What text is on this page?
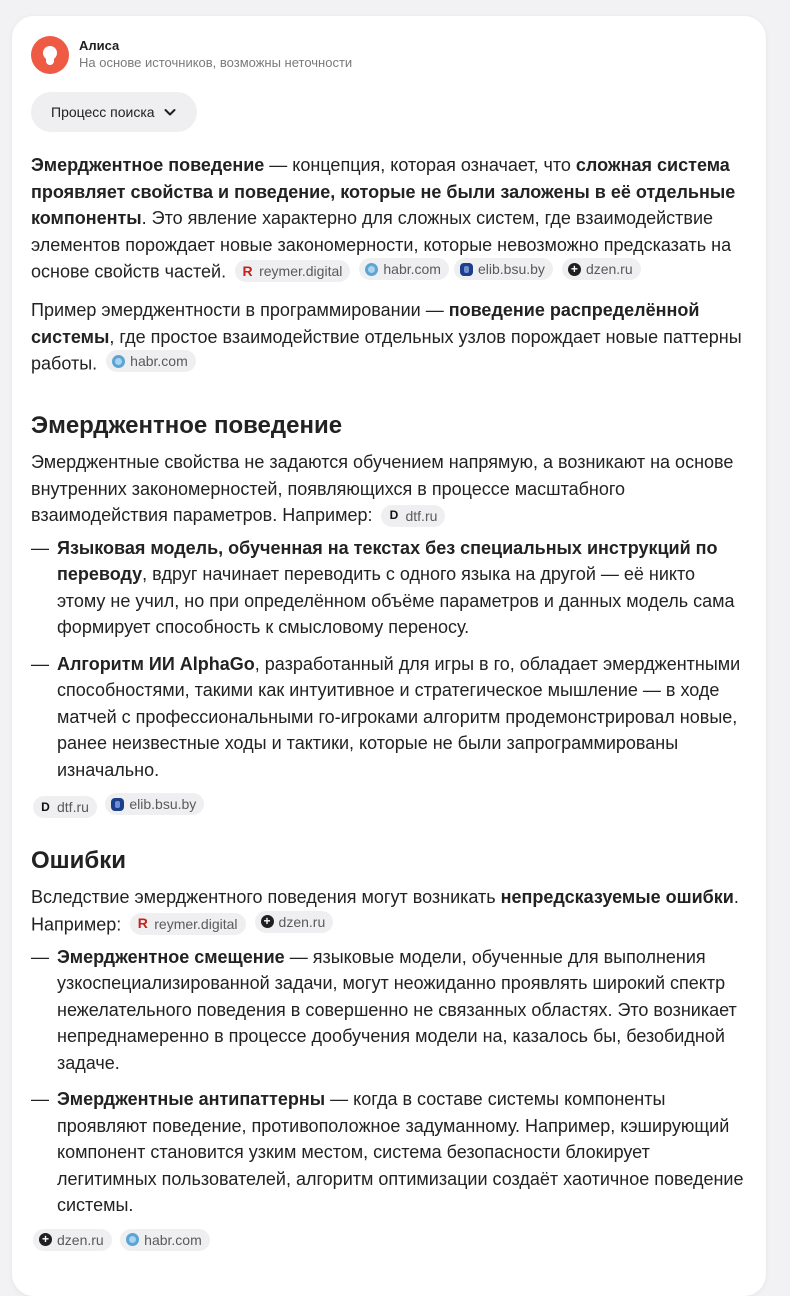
Алиса
На основе источников, возможны неточности
Процесс поиска

Эмерджентное поведение — концепция, которая означает, что сложная система проявляет свойства и поведение, которые не были заложены в её отдельные компоненты. Это явление характерно для сложных систем, где взаимодействие элементов порождает новые закономерности, которые невозможно предсказать на основе свойств частей. R reymer.digital
	habr.com
	elib.bsu.by
+	dzen.ru

Пример эмерджентности в программировании — поведение распределённой системы, где простое взаимодействие отдельных узлов порождает новые паттерны работы. habr.com

Эмерджентное поведение

Эмерджентные свойства не задаются обучением напрямую, а возникают на основе внутренних закономерностей, появляющихся в процессе масштабного взаимодействия параметров. Например: D dtf.ru

— Языковая модель, обученная на текстах без специальных инструкций по переводу, вдруг начинает переводить с одного языка на другой — её никто этому не учил, но при определённом объёме параметров и данных модель сама формирует способность к смысловому переносу.
— Алгоритм ИИ AlphaGo, разработанный для игры в го, обладает эмерджентными способностями, такими как интуитивное и стратегическое мышление — в ходе матчей с профессиональными го-игроками алгоритм продемонстрировал новые, ранее неизвестные ходы и тактики, которые не были запрограммированы изначально.
D dtf.ru
	elib.bsu.by
Ошибки

Вследствие эмерджентного поведения могут возникать непредсказуемые ошибки. Например: R reymer.digital
+	dzen.ru

— Эмерджентное смещение — языковые модели, обученные для выполнения узкоспециализированной задачи, могут неожиданно проявлять широкий спектр нежелательного поведения в совершенно не связанных областях. Это возникает непреднамеренно в процессе дообучения модели на, казалось бы, безобидной задаче.
— Эмерджентные антипаттерны — когда в составе системы компоненты проявляют поведение, противоположное задуманному. Например, кэширующий компонент становится узким местом, система безопасности блокирует легитимных пользователей, алгоритм оптимизации создаёт хаотичное поведение системы.
+
dzen.ru
	habr.com
